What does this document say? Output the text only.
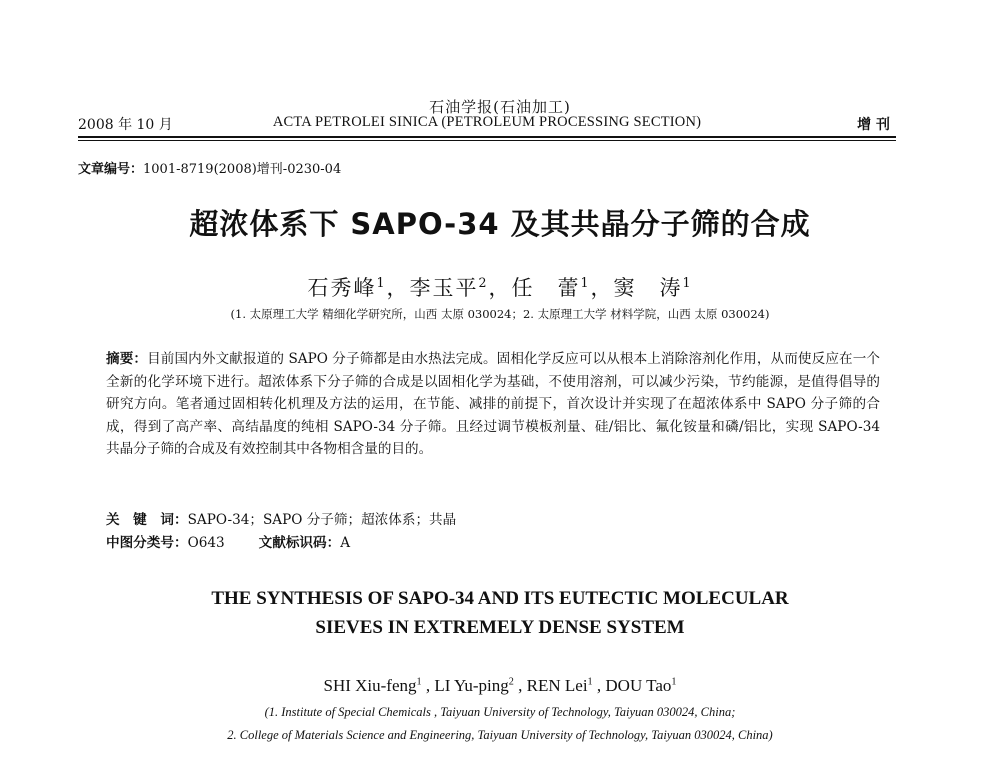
石油学报(石油加工)
2008 年 10 月	ACTA PETROLEI SINICA (PETROLEUM PROCESSING SECTION)	增 刊
文章编号：1001-8719(2008)增刊-0230-04
超浓体系下 SAPO-34 及其共晶分子筛的合成
石秀峰$^1$，李玉平$^2$，任　蕾$^1$，窦　涛$^1$
(1. 太原理工大学 精细化学研究所，山西 太原 030024；2. 太原理工大学 材料学院，山西 太原 030024)
摘要：目前国内外文献报道的 SAPO 分子筛都是由水热法完成。固相化学反应可以从根本上消除溶剂化作用，从而使反应在一个全新的化学环境下进行。超浓体系下分子筛的合成是以固相化学为基础，不使用溶剂，可以减少污染，节约能源，是值得倡导的研究方向。笔者通过固相转化机理及方法的运用，在节能、减排的前提下，首次设计并实现了在超浓体系中 SAPO 分子筛的合成，得到了高产率、高结晶度的纯相 SAPO-34 分子筛。且经过调节模板剂量、硅/铝比、氟化铵量和磷/铝比，实现 SAPO-34 共晶分子筛的合成及有效控制其中各物相含量的目的。
关　键　词：SAPO-34；SAPO 分子筛；超浓体系；共晶
中图分类号：O643	文献标识码：A
THE SYNTHESIS OF SAPO-34 AND ITS EUTECTIC MOLECULAR
SIEVES IN EXTREMELY DENSE SYSTEM
SHI Xiu-feng$^1$ , LI Yu-ping$^2$ , REN Lei$^1$ , DOU Tao$^1$
(1. Institute of Special Chemicals , Taiyuan University of Technology, Taiyuan 030024, China;
2. College of Materials Science and Engineering, Taiyuan University of Technology, Taiyuan 030024, China)
